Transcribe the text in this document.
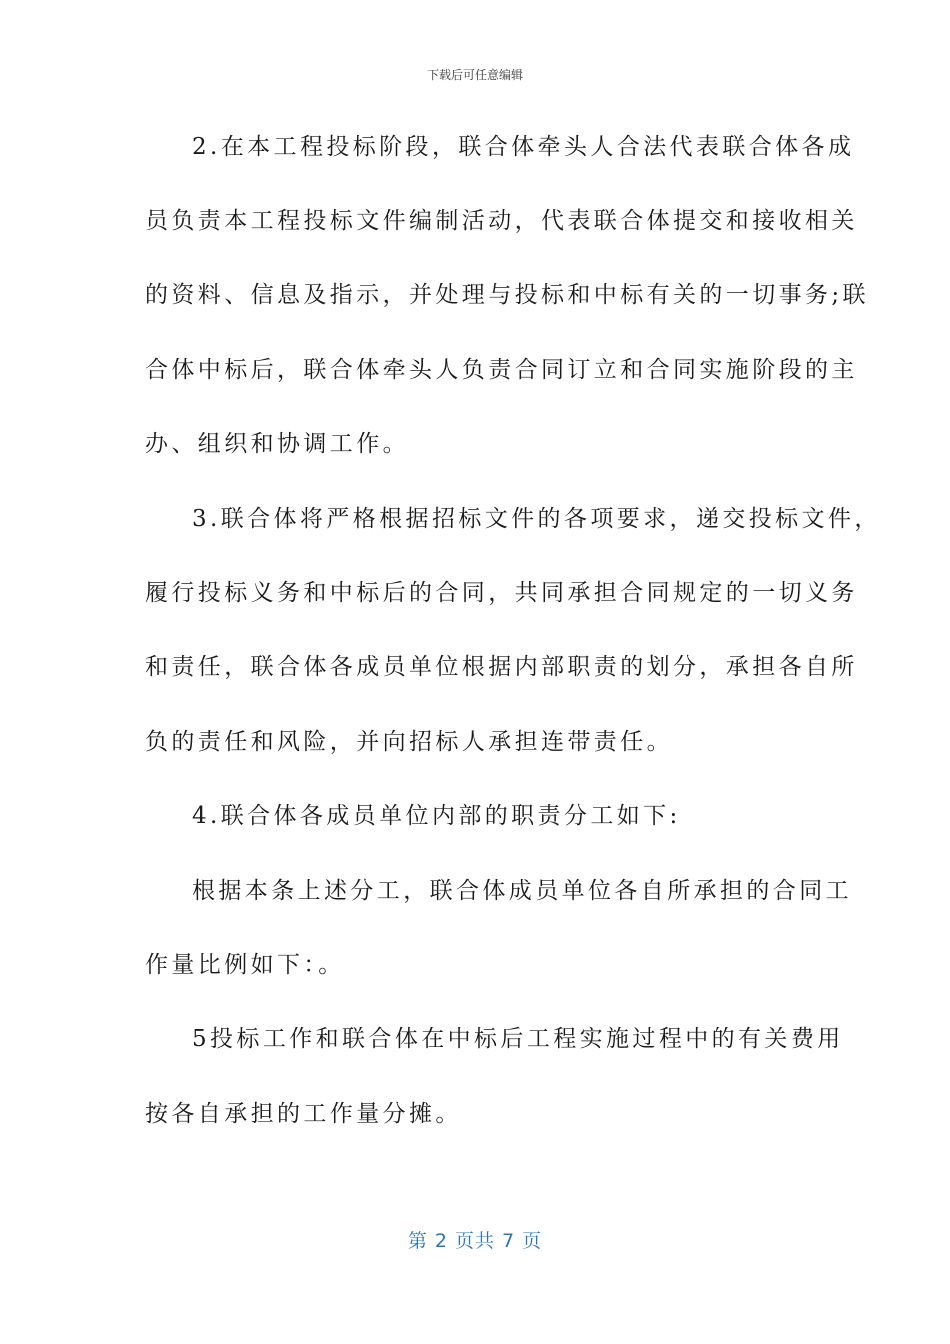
下载后可任意编辑
2.在本工程投标阶段，联合体牵头人合法代表联合体各成
员负责本工程投标文件编制活动，代表联合体提交和接收相关
的资料、信息及指示，并处理与投标和中标有关的一切事务;联
合体中标后，联合体牵头人负责合同订立和合同实施阶段的主
办、组织和协调工作。
3.联合体将严格根据招标文件的各项要求，递交投标文件，
履行投标义务和中标后的合同，共同承担合同规定的一切义务
和责任，联合体各成员单位根据内部职责的划分，承担各自所
负的责任和风险，并向招标人承担连带责任。
4.联合体各成员单位内部的职责分工如下:
根据本条上述分工，联合体成员单位各自所承担的合同工
作量比例如下：。
5投标工作和联合体在中标后工程实施过程中的有关费用
按各自承担的工作量分摊。
第 2 页共 7 页
